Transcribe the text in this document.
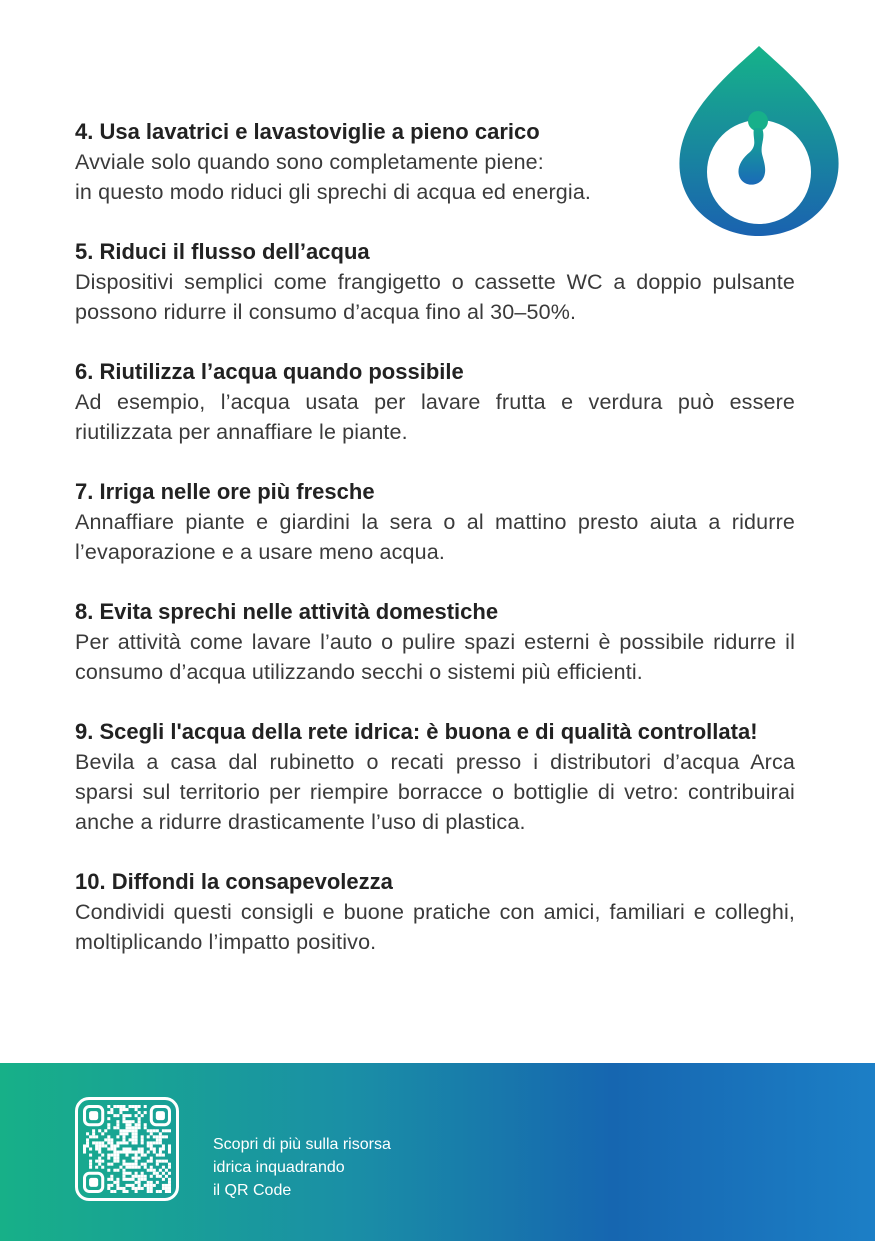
4. Usa lavatrici e lavastoviglie a pieno carico
Avviale solo quando sono completamente piene:
in questo modo riduci gli sprechi di acqua ed energia.
5. Riduci il flusso dell’acqua
Dispositivi semplici come frangigetto o cassette WC a doppio pulsante possono ridurre il consumo d’acqua fino al 30–50%.
6. Riutilizza l’acqua quando possibile
Ad esempio, l’acqua usata per lavare frutta e verdura può essere riutilizzata per annaffiare le piante.
7. Irriga nelle ore più fresche
Annaffiare piante e giardini la sera o al mattino presto aiuta a ridurre l’evaporazione e a usare meno acqua.
8. Evita sprechi nelle attività domestiche
Per attività come lavare l’auto o pulire spazi esterni è possibile ridurre il consumo d’acqua utilizzando secchi o sistemi più efficienti.
9. Scegli l'acqua della rete idrica: è buona e di qualità controllata!
Bevila a casa dal rubinetto o recati presso i distributori d’acqua Arca sparsi sul territorio per riempire borracce o bottiglie di vetro: contribuirai anche a ridurre drasticamente l’uso di plastica.
10. Diffondi la consapevolezza
Condividi questi consigli e buone pratiche con amici, familiari e colleghi, moltiplicando l’impatto positivo.
Scopri di più sulla risorsa
idrica inquadrando
il QR Code
